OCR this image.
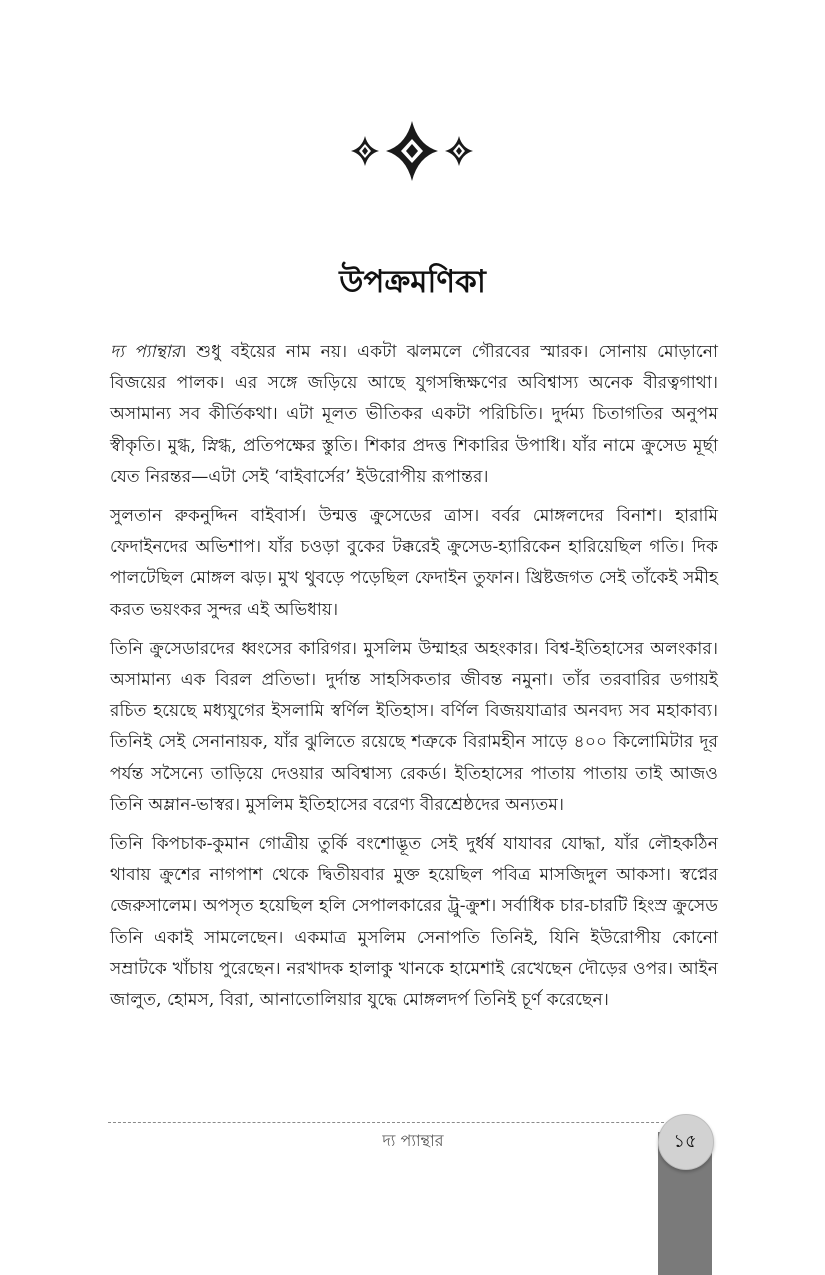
উপক্রমণিকা

দ্য প্যান্থার। শুধু বইয়ের নাম নয়। একটা ঝলমলে গৌরবের স্মারক। সোনায় মোড়ানো বিজয়ের পালক। এর সঙ্গে জড়িয়ে আছে যুগসন্ধিক্ষণের অবিশ্বাস্য অনেক বীরত্বগাথা। অসামান্য সব কীর্তিকথা। এটা মূলত ভীতিকর একটা পরিচিতি। দুর্দম্য চিতাগতির অনুপম স্বীকৃতি। মুগ্ধ, স্নিগ্ধ, প্রতিপক্ষের স্তুতি। শিকার প্রদত্ত শিকারির উপাধি। যাঁর নামে ক্রুসেড মূর্ছা যেত নিরন্তর—এটা সেই ‘বাইবার্সের’ ইউরোপীয় রূপান্তর।

সুলতান রুকনুদ্দিন বাইবার্স। উন্মত্ত ক্রুসেডের ত্রাস। বর্বর মোঙ্গলদের বিনাশ। হারামি ফেদাইনদের অভিশাপ। যাঁর চওড়া বুকের টক্করেই ক্রুসেড-হ্যারিকেন হারিয়েছিল গতি। দিক পালটেছিল মোঙ্গল ঝড়। মুখ থুবড়ে পড়েছিল ফেদাইন তুফান। খ্রিষ্টজগত সেই তাঁকেই সমীহ করত ভয়ংকর সুন্দর এই অভিধায়।

তিনি ক্রুসেডারদের ধ্বংসের কারিগর। মুসলিম উম্মাহর অহংকার। বিশ্ব-ইতিহাসের অলংকার। অসামান্য এক বিরল প্রতিভা। দুর্দান্ত সাহসিকতার জীবন্ত নমুনা। তাঁর তরবারির ডগায়ই রচিত হয়েছে মধ্যযুগের ইসলামি স্বর্ণিল ইতিহাস। বর্ণিল বিজয়যাত্রার অনবদ্য সব মহাকাব্য। তিনিই সেই সেনানায়ক, যাঁর ঝুলিতে রয়েছে শত্রুকে বিরামহীন সাড়ে ৪০০ কিলোমিটার দূর পর্যন্ত সসৈন্যে তাড়িয়ে দেওয়ার অবিশ্বাস্য রেকর্ড। ইতিহাসের পাতায় পাতায় তাই আজও তিনি অম্লান-ভাস্বর। মুসলিম ইতিহাসের বরেণ্য বীরশ্রেষ্ঠদের অন্যতম।

তিনি কিপচাক-কুমান গোত্রীয় তুর্কি বংশোদ্ভূত সেই দুর্ধর্ষ যাযাবর যোদ্ধা, যাঁর লৌহকঠিন থাবায় ক্রুশের নাগপাশ থেকে দ্বিতীয়বার মুক্ত হয়েছিল পবিত্র মাসজিদুল আকসা। স্বপ্নের জেরুসালেম। অপসৃত হয়েছিল হলি সেপালকারের ট্রু-ক্রুশ। সর্বাধিক চার-চারটি হিংস্র ক্রুসেড তিনি একাই সামলেছেন। একমাত্র মুসলিম সেনাপতি তিনিই, যিনি ইউরোপীয় কোনো সম্রাটকে খাঁচায় পুরেছেন। নরখাদক হালাকু খানকে হামেশাই রেখেছেন দৌড়ের ওপর। আইন জালুত, হোমস, বিরা, আনাতোলিয়ার যুদ্ধে মোঙ্গলদর্প তিনিই চূর্ণ করেছেন।

দ্য প্যান্থার	১৫
